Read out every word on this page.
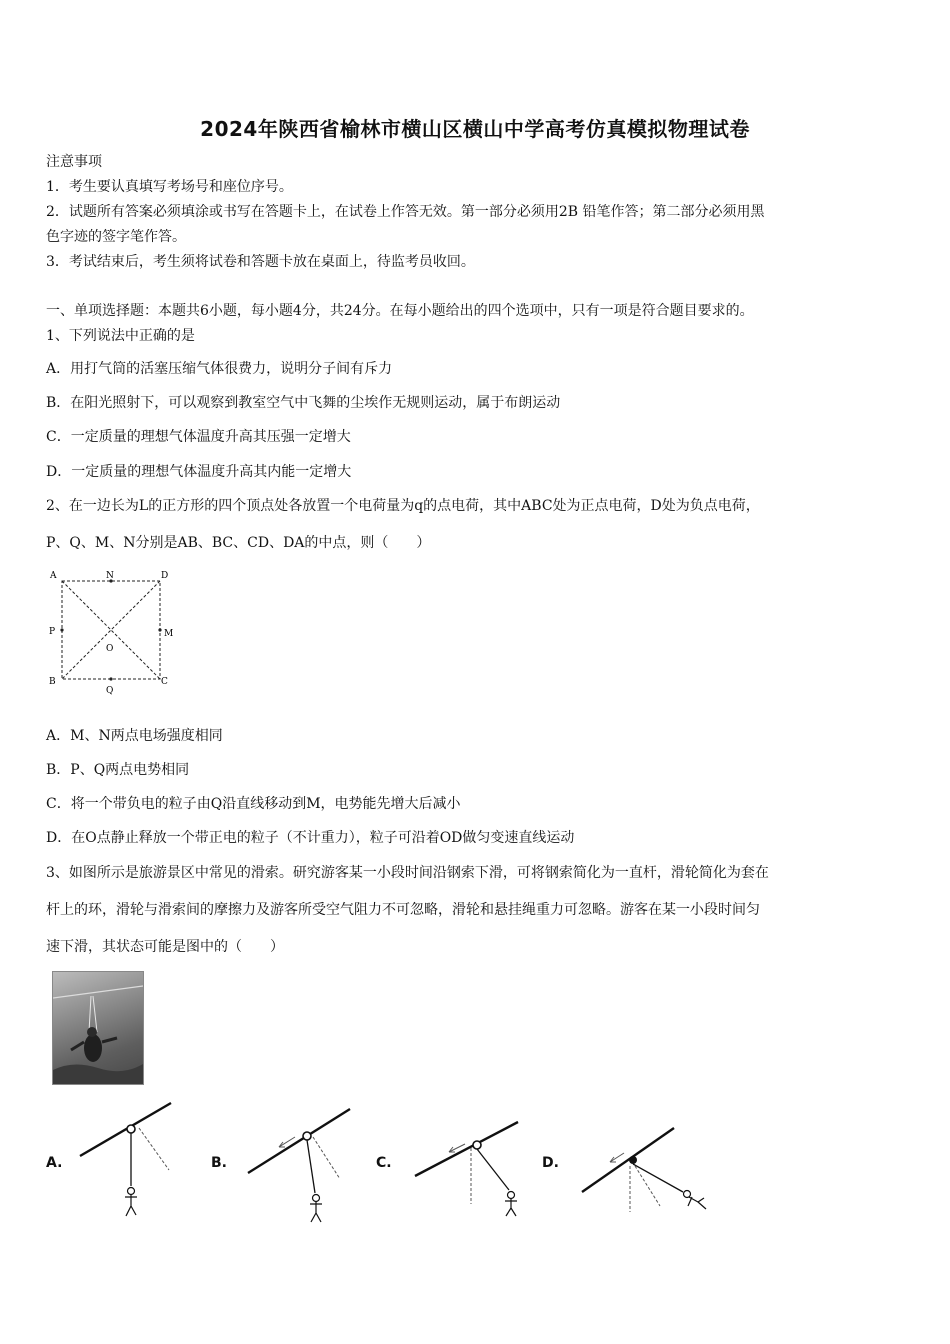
2024年陕西省榆林市横山区横山中学高考仿真模拟物理试卷
注意事项
1．考生要认真填写考场号和座位序号。
2．试题所有答案必须填涂或书写在答题卡上，在试卷上作答无效。第一部分必须用2B 铅笔作答；第二部分必须用黑
色字迹的签字笔作答。
3．考试结束后，考生须将试卷和答题卡放在桌面上，待监考员收回。
一、单项选择题：本题共6小题，每小题4分，共24分。在每小题给出的四个选项中，只有一项是符合题目要求的。
1、下列说法中正确的是
A．用打气筒的活塞压缩气体很费力，说明分子间有斥力
B．在阳光照射下，可以观察到教室空气中飞舞的尘埃作无规则运动，属于布朗运动
C．一定质量的理想气体温度升高其压强一定增大
D．一定质量的理想气体温度升高其内能一定增大
2、在一边长为L的正方形的四个顶点处各放置一个电荷量为q的点电荷，其中ABC处为正点电荷，D处为负点电荷，
P、Q、M、N分别是AB、BC、CD、DA的中点，则（　　）
A	N	D
P	M
O
B
Q
C
A．M、N两点电场强度相同
B．P、Q两点电势相同
C．将一个带负电的粒子由Q沿直线移动到M，电势能先增大后减小
D．在O点静止释放一个带正电的粒子（不计重力），粒子可沿着OD做匀变速直线运动
3、如图所示是旅游景区中常见的滑索。研究游客某一小段时间沿钢索下滑，可将钢索简化为一直杆，滑轮简化为套在
杆上的环，滑轮与滑索间的摩擦力及游客所受空气阻力不可忽略，滑轮和悬挂绳重力可忽略。游客在某一小段时间匀
速下滑，其状态可能是图中的（　　）
A.	B.	C.	D.
